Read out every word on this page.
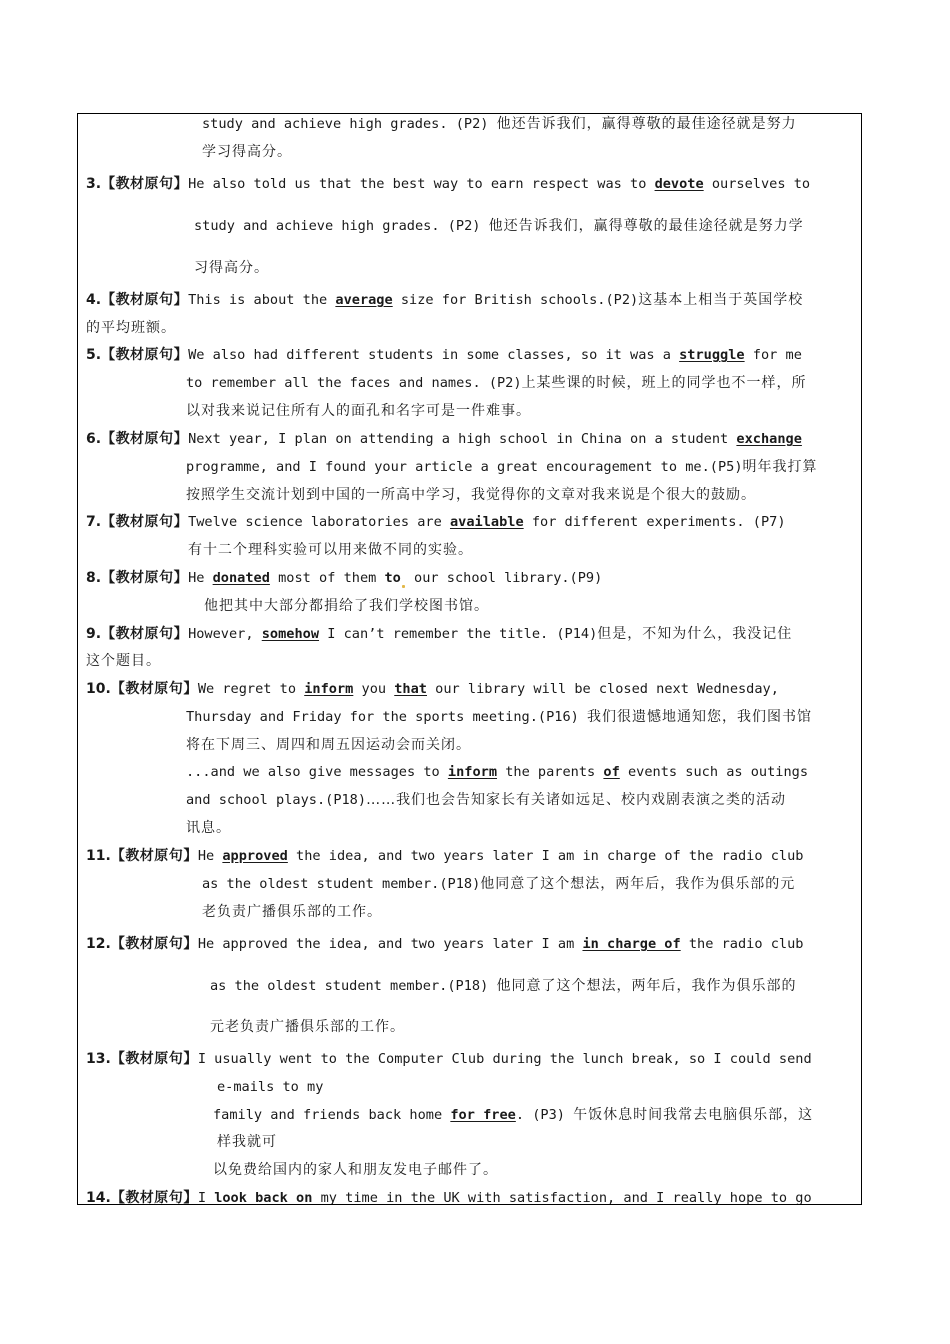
study and achieve high grades. (P2) 他还告诉我们，赢得尊敬的最佳途径就是努力
学习得高分。
3.【教材原句】He also told us that the best way to earn respect was to devote ourselves to
study and achieve high grades. (P2) 他还告诉我们，赢得尊敬的最佳途径就是努力学
习得高分。
4.【教材原句】This is about the average size for British schools.(P2)这基本上相当于英国学校
的平均班额。
5.【教材原句】We also had different students in some classes, so it was a struggle for me
to remember all the faces and names. (P2)上某些课的时候，班上的同学也不一样，所
以对我来说记住所有人的面孔和名字可是一件难事。
6.【教材原句】Next year, I plan on attending a high school in China on a student exchange
programme, and I found your article a great encouragement to me.(P5)明年我打算
按照学生交流计划到中国的一所高中学习，我觉得你的文章对我来说是个很大的鼓励。
7.【教材原句】Twelve science laboratories are available for different experiments. (P7)
有十二个理科实验可以用来做不同的实验。
8.【教材原句】He donated most of them to our school library.(P9)
他把其中大部分都捐给了我们学校图书馆。
9.【教材原句】However, somehow I can’t remember the title. (P14)但是，不知为什么，我没记住
这个题目。
10.【教材原句】We regret to inform you that our library will be closed next Wednesday,
Thursday and Friday for the sports meeting.(P16) 我们很遗憾地通知您，我们图书馆
将在下周三、周四和周五因运动会而关闭。
...and we also give messages to inform the parents of events such as outings
and school plays.(P18)……我们也会告知家长有关诸如远足、校内戏剧表演之类的活动
讯息。
11.【教材原句】He approved the idea, and two years later I am in charge of the radio club
as the oldest student member.(P18)他同意了这个想法，两年后，我作为俱乐部的元
老负责广播俱乐部的工作。
12.【教材原句】He approved the idea, and two years later I am in charge of the radio club
as the oldest student member.(P18) 他同意了这个想法，两年后，我作为俱乐部的
元老负责广播俱乐部的工作。
13.【教材原句】I usually went to the Computer Club during the lunch break, so I could send
e-mails to my
family and friends back home for free. (P3) 午饭休息时间我常去电脑俱乐部，这
样我就可
以免费给国内的家人和朋友发电子邮件了。
14.【教材原句】I look back on my time in the UK with satisfaction, and I really hope to go
